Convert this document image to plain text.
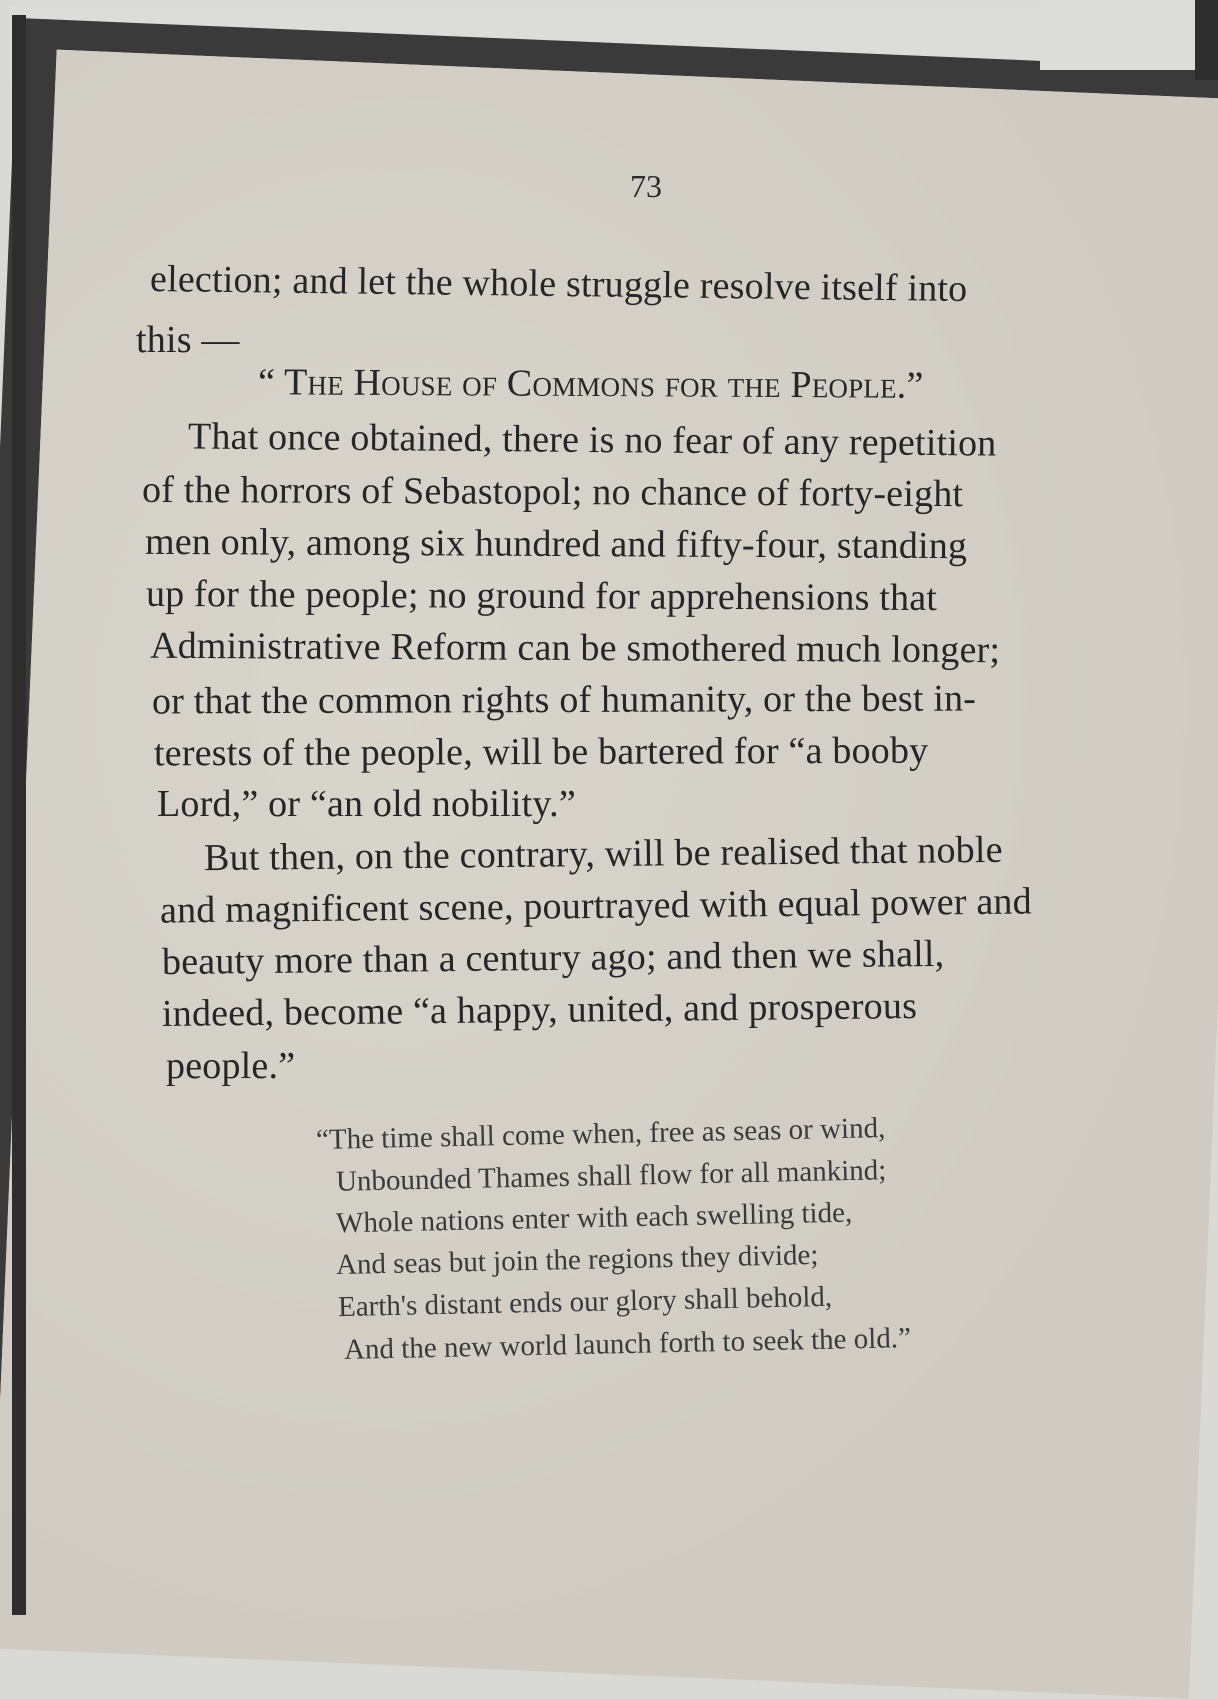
73
election; and let the whole struggle resolve itself into
this —
“ The House of Commons for the People.”
That once obtained, there is no fear of any repetition
of the horrors of Sebastopol; no chance of forty-eight
men only, among six hundred and fifty-four, standing
up for the people; no ground for apprehensions that
Administrative Reform can be smothered much longer;
or that the common rights of humanity, or the best in-
terests of the people, will be bartered for “a booby
Lord,” or “an old nobility.”
But then, on the contrary, will be realised that noble
and magnificent scene, pourtrayed with equal power and
beauty more than a century ago; and then we shall,
indeed, become “a happy, united, and prosperous
people.”
“The time shall come when, free as seas or wind,
Unbounded Thames shall flow for all mankind;
Whole nations enter with each swelling tide,
And seas but join the regions they divide;
Earth's distant ends our glory shall behold,
And the new world launch forth to seek the old.”
